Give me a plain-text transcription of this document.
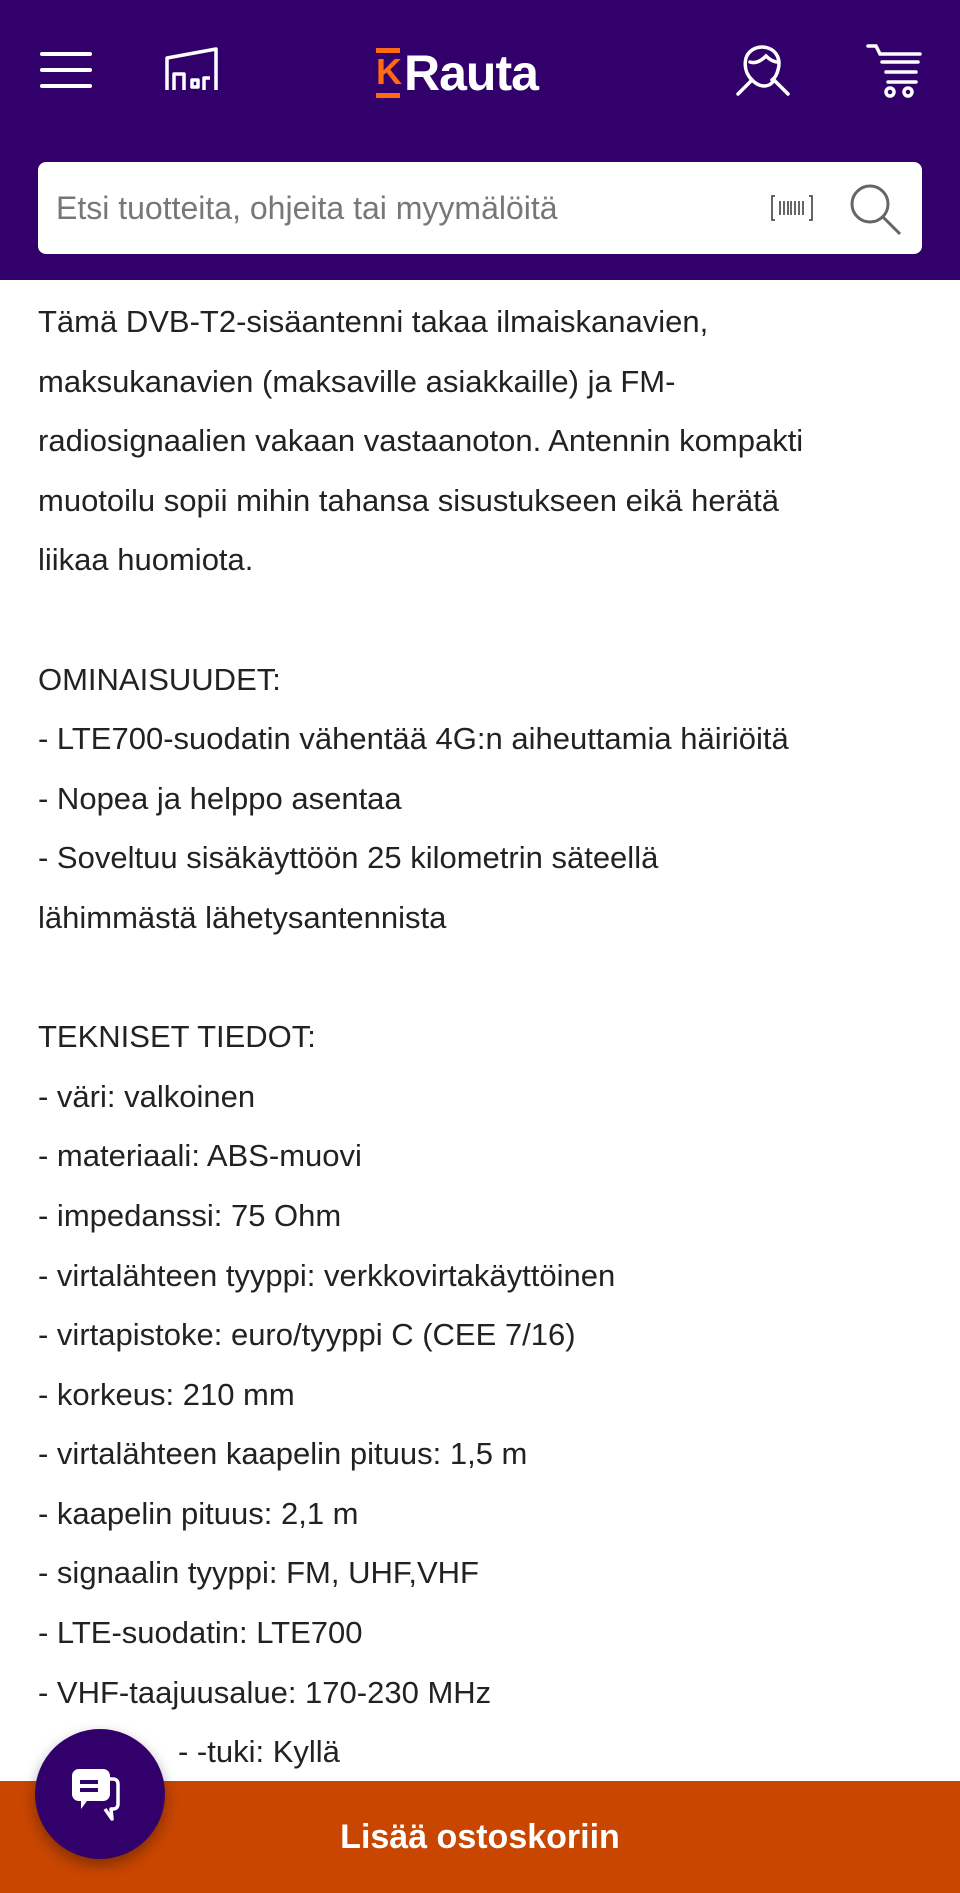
K Rauta
Etsi tuotteita, ohjeita tai myymälöitä
Tämä DVB-T2-sisäantenni takaa ilmaiskanavien,
maksukanavien (maksaville asiakkaille) ja FM-
radiosignaalien vakaan vastaanoton. Antennin kompakti
muotoilu sopii mihin tahansa sisustukseen eikä herätä
liikaa huomiota.
OMINAISUUDET:
- LTE700-suodatin vähentää 4G:n aiheuttamia häiriöitä
- Nopea ja helppo asentaa
- Soveltuu sisäkäyttöön 25 kilometrin säteellä
lähimmästä lähetysantennista
TEKNISET TIEDOT:
- väri: valkoinen
- materiaali: ABS-muovi
- impedanssi: 75 Ohm
- virtalähteen tyyppi: verkkovirtakäyttöinen
- virtapistoke: euro/tyyppi C (CEE 7/16)
- korkeus: 210 mm
- virtalähteen kaapelin pituus: 1,5 m
- kaapelin pituus: 2,1 m
- signaalin tyyppi: FM, UHF,VHF
- LTE-suodatin: LTE700
- VHF-taajuusalue: 170-230 MHz
- -tuki: Kyllä
Lisää ostoskoriin
